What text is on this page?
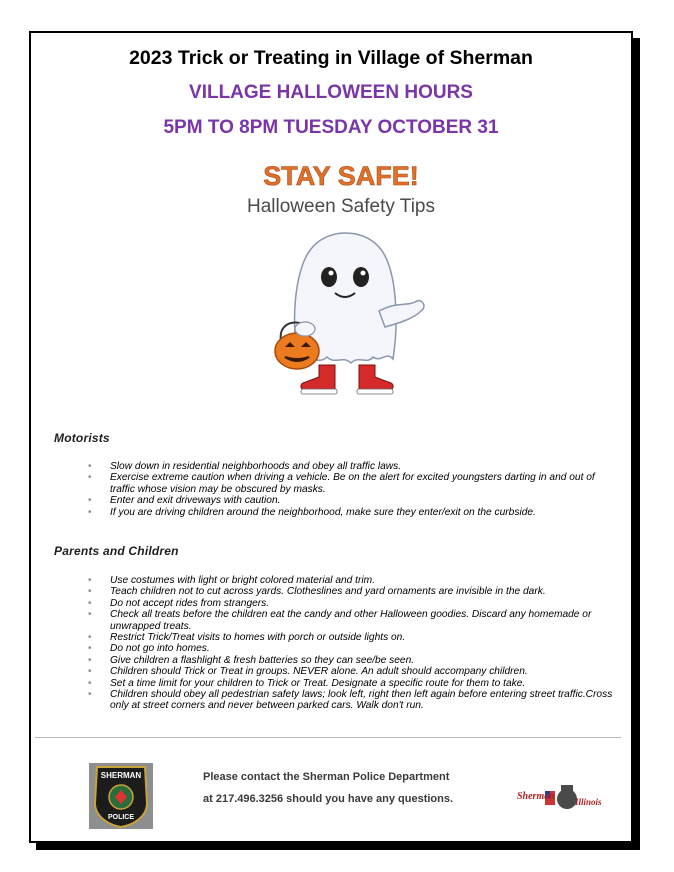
2023 Trick or Treating in Village of Sherman
VILLAGE HALLOWEEN HOURS
5PM TO 8PM TUESDAY OCTOBER 31
STAY SAFE!
Halloween Safety Tips
Motorists
• Slow down in residential neighborhoods and obey all traffic laws.
• Exercise extreme caution when driving a vehicle. Be on the alert for excited youngsters darting in and out of traffic whose vision may be obscured by masks.
• Enter and exit driveways with caution.
• If you are driving children around the neighborhood, make sure they enter/exit on the curbside.
Parents and Children
• Use costumes with light or bright colored material and trim.
• Teach children not to cut across yards. Clotheslines and yard ornaments are invisible in the dark.
• Do not accept rides from strangers.
• Check all treats before the children eat the candy and other Halloween goodies. Discard any homemade or unwrapped treats.
• Restrict Trick/Treat visits to homes with porch or outside lights on.
• Do not go into homes.
• Give children a flashlight & fresh batteries so they can see/be seen.
• Children should Trick or Treat in groups. NEVER alone. An adult should accompany children.
• Set a time limit for your children to Trick or Treat. Designate a specific route for them to take.
• Children should obey all pedestrian safety laws; look left, right then left again before entering street traffic.Cross only at street corners and never between parked cars. Walk don't run.
SHERMAN
POLICE
Please contact the Sherman Police Department
at 217.496.3256 should you have any questions.	Sherman Illinois
